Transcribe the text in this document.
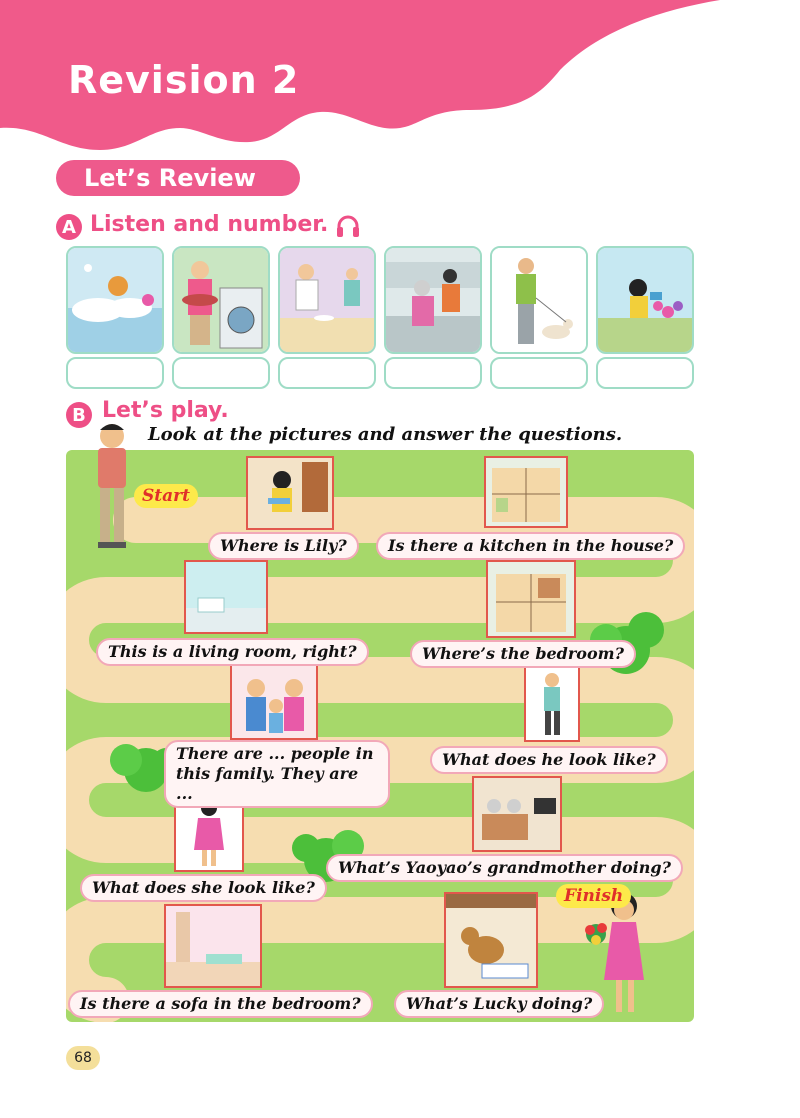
Revision 2
Let’s Review
A Listen and number.
B Let’s play.
Look at the pictures and answer the questions.
Start
Finish
Where is Lily?	Is there a kitchen in the house?
This is a living room, right?	Where’s the bedroom?
There are ... people in
this family. They are ...
What does he look like?
What does she look like?
What’s Yaoyao’s grandmother doing?
Is there a sofa in the bedroom?	What’s Lucky doing?
68
